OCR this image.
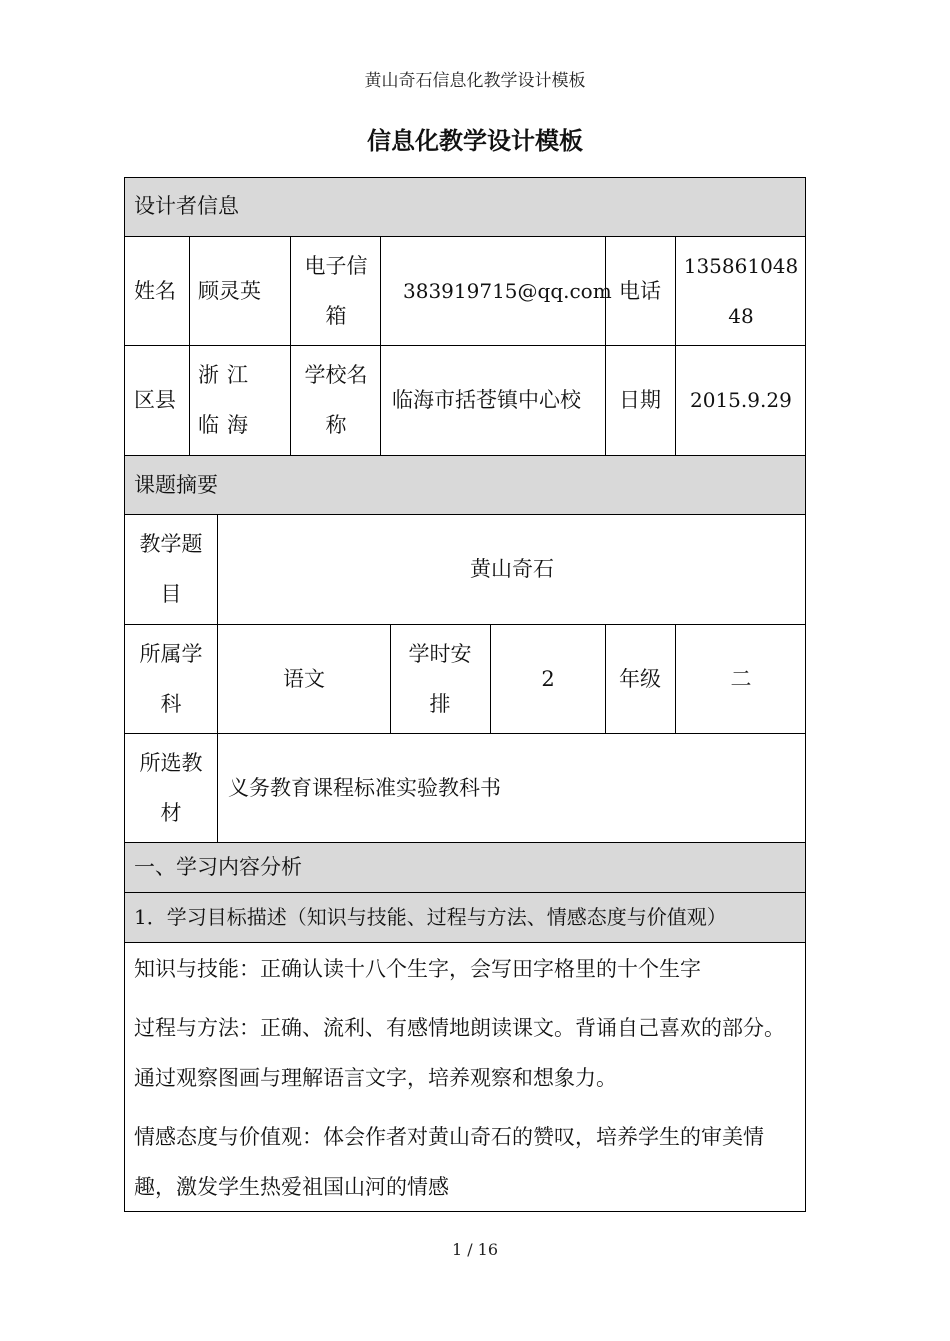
黄山奇石信息化教学设计模板
信息化教学设计模板
设计者信息
姓名 顾灵英
电子信箱
383919715@qq.com 电话
13586104848
区县
浙江临海
学校名称
临海市括苍镇中心校 日期 2015.9.29
课题摘要
教学题目
黄山奇石
所属学科
语文
学时安排
2	年级	二
所选教材
义务教育课程标准实验教科书
一、学习内容分析
1．学习目标描述（知识与技能、过程与方法、情感态度与价值观）
知识与技能：正确认读十八个生字，会写田字格里的十个生字
过程与方法：正确、流利、有感情地朗读课文。背诵自己喜欢的部分。通过观察图画与理解语言文字，培养观察和想象力。
情感态度与价值观：体会作者对黄山奇石的赞叹，培养学生的审美情趣，激发学生热爱祖国山河的情感
1 / 16
